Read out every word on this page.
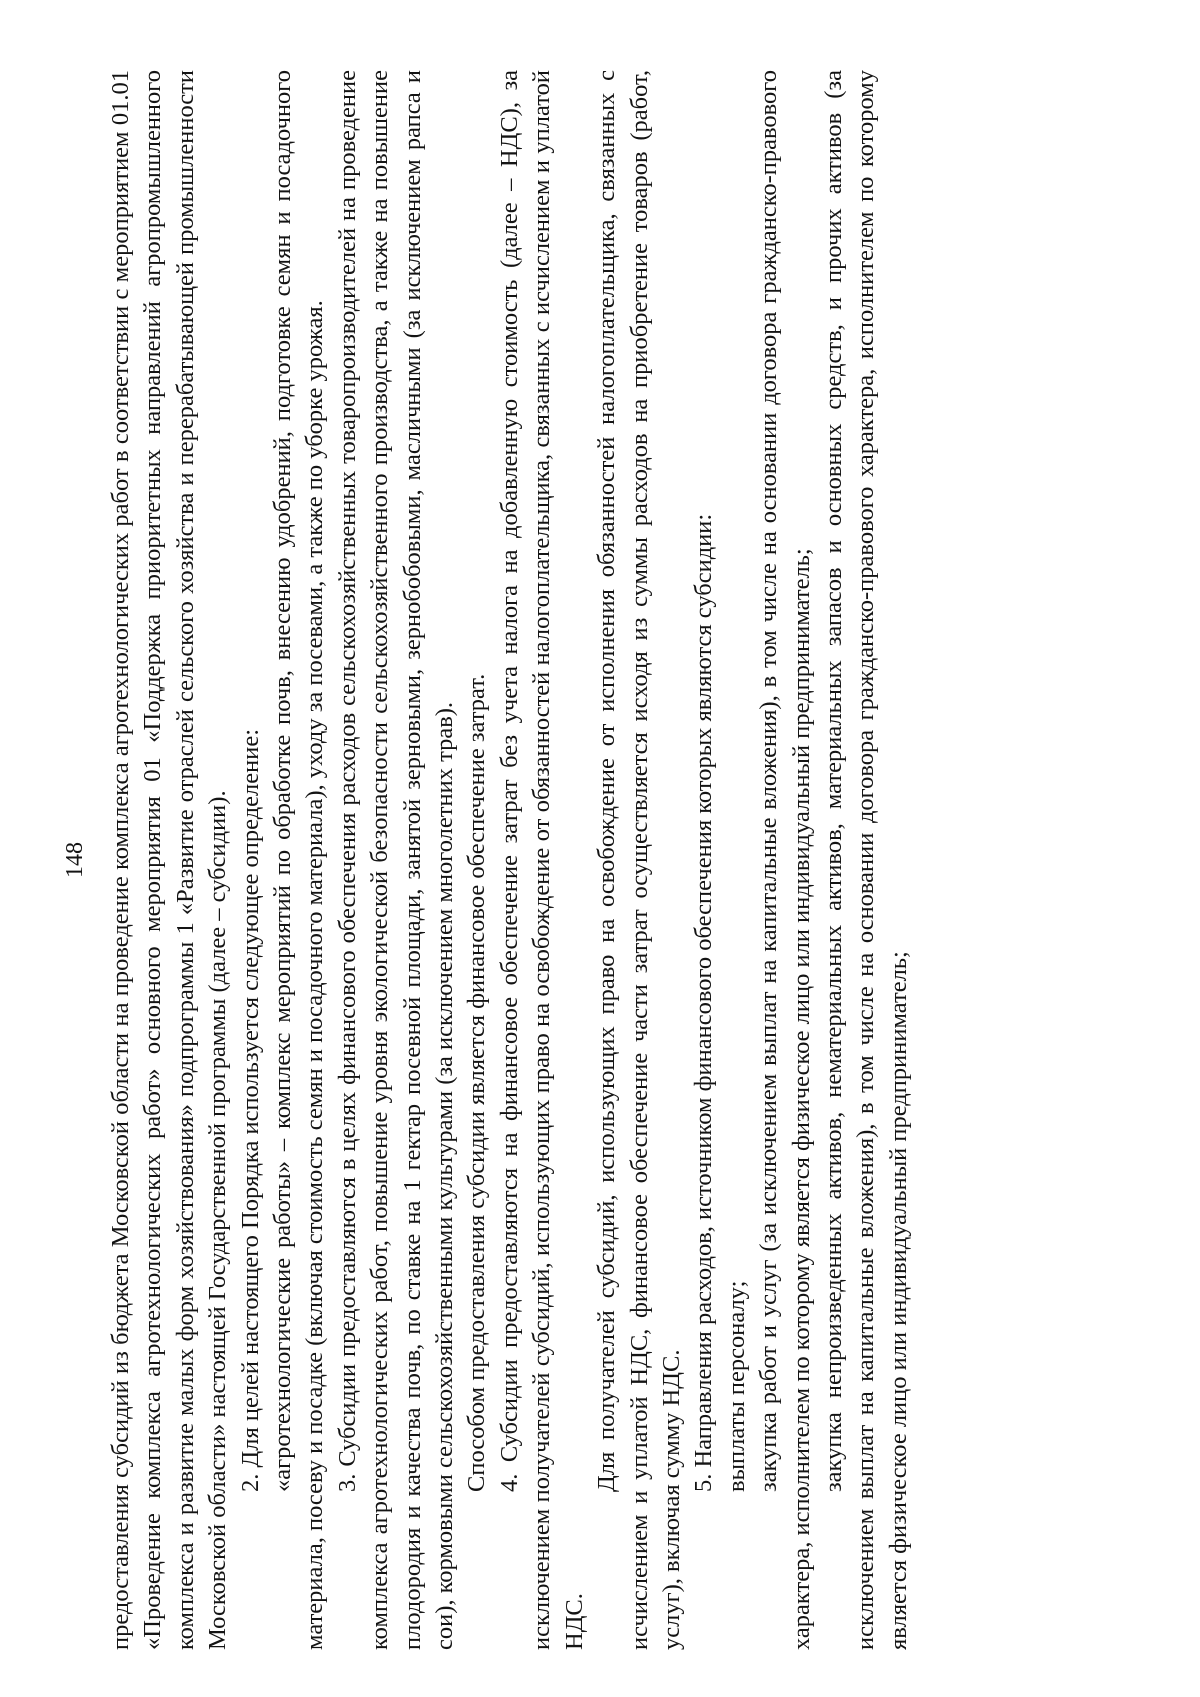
148 предоставления субсидий из бюджета Московской области на проведение комплекса агротехнологических работ в соответствии с мероприятием 01.01 «Проведение комплекса агротехнологических работ» основного мероприятия 01 «Поддержка приоритетных направлений агропромышленного комплекса и развитие малых форм хозяйствования» подпрограммы 1 «Развитие отраслей сельского хозяйства и перерабатывающей промышленности Московской области» настоящей Государственной программы (далее – субсидии). 2. Для целей настоящего Порядка используется следующее определение: «агротехнологические работы» – комплекс мероприятий по обработке почв, внесению удобрений, подготовке семян и посадочного материала, посеву и посадке (включая стоимость семян и посадочного материала), уходу за посевами, а также по уборке урожая. 3. Субсидии предоставляются в целях финансового обеспечения расходов сельскохозяйственных товаропроизводителей на проведение комплекса агротехнологических работ, повышение уровня экологической безопасности сельскохозяйственного производства, а также на повышение плодородия и качества почв, по ставке на 1 гектар посевной площади, занятой зерновыми, зернобобовыми, масличными (за исключением рапса и сои), кормовыми сельскохозяйственными культурами (за исключением многолетних трав). Способом предоставления субсидии является финансовое обеспечение затрат. 4. Субсидии предоставляются на финансовое обеспечение затрат без учета налога на добавленную стоимость (далее – НДС), за исключением получателей субсидий, использующих право на освобождение от обязанностей налогоплательщика, связанных с исчислением и уплатой НДС.

Для получателей субсидий, использующих право на освобождение от исполнения обязанностей налогоплательщика, связанных с исчислением и уплатой НДС, финансовое обеспечение части затрат осуществляется исходя из суммы расходов на приобретение товаров (работ, услуг), включая сумму НДС.

5. Направления расходов, источником финансового обеспечения которых являются субсидии: выплаты персоналу; закупка работ и услуг (за исключением выплат на капитальные вложения), в том числе на основании договора гражданско-правового характера, исполнителем по которому является физическое лицо или индивидуальный предприниматель; закупка непроизведенных активов, нематериальных активов, материальных запасов и основных средств, и прочих активов (за исключением выплат на капитальные вложения), в том числе на основании договора гражданско-правового характера, исполнителем по которому является физическое лицо или индивидуальный предприниматель;
